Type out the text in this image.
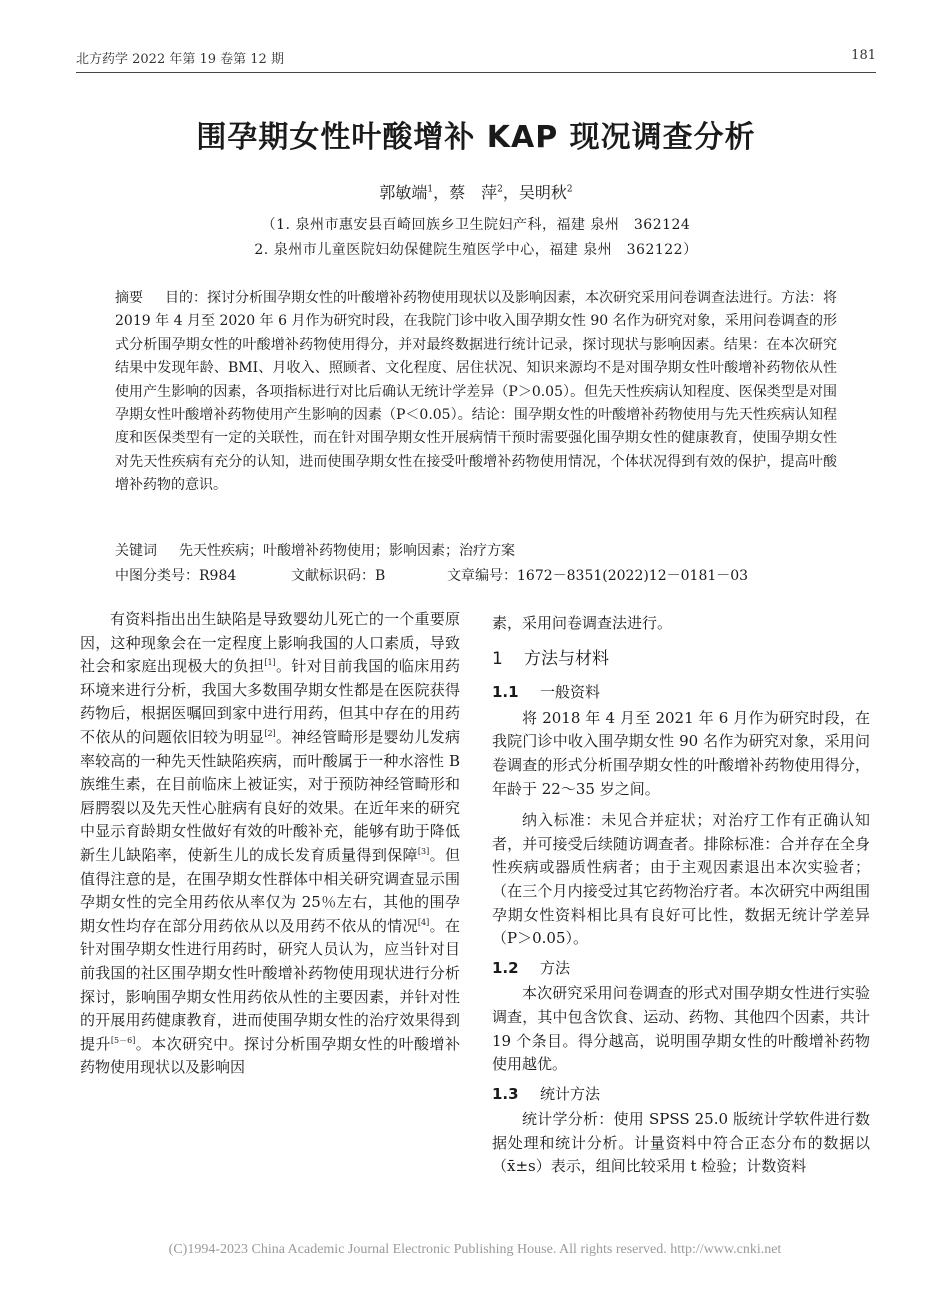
北方药学 2022 年第 19 卷第 12 期	181
围孕期女性叶酸增补 KAP 现况调查分析
郭敏端$^1$，蔡　萍$^2$，吴明秋$^2$
（1. 泉州市惠安县百崎回族乡卫生院妇产科，福建 泉州　362124
2. 泉州市儿童医院妇幼保健院生殖医学中心，福建 泉州　362122）
摘要 目的：探讨分析围孕期女性的叶酸增补药物使用现状以及影响因素，本次研究采用问卷调查法进行。方法：将 2019 年 4 月至 2020 年 6 月作为研究时段，在我院门诊中收入围孕期女性 90 名作为研究对象，采用问卷调查的形式分析围孕期女性的叶酸增补药物使用得分，并对最终数据进行统计记录，探讨现状与影响因素。结果：在本次研究结果中发现年龄、BMI、月收入、照顾者、文化程度、居住状况、知识来源均不是对围孕期女性叶酸增补药物依从性使用产生影响的因素，各项指标进行对比后确认无统计学差异（P＞0.05）。但先天性疾病认知程度、医保类型是对围孕期女性叶酸增补药物使用产生影响的因素（P＜0.05）。结论：围孕期女性的叶酸增补药物使用与先天性疾病认知程度和医保类型有一定的关联性，而在针对围孕期女性开展病情干预时需要强化围孕期女性的健康教育，使围孕期女性对先天性疾病有充分的认知，进而使围孕期女性在接受叶酸增补药物使用情况，个体状况得到有效的保护，提高叶酸增补药物的意识。
关键词 先天性疾病；叶酸增补药物使用；影响因素；治疗方案
中图分类号：R984	文献标识码：B	文章编号：1672－8351(2022)12－0181－03

有资料指出出生缺陷是导致婴幼儿死亡的一个重要原因，这种现象会在一定程度上影响我国的人口素质，导致社会和家庭出现极大的负担[1]。针对目前我国的临床用药环境来进行分析，我国大多数围孕期女性都是在医院获得药物后，根据医嘱回到家中进行用药，但其中存在的用药不依从的问题依旧较为明显[2]。神经管畸形是婴幼儿发病率较高的一种先天性缺陷疾病，而叶酸属于一种水溶性 B 族维生素，在目前临床上被证实，对于预防神经管畸形和唇腭裂以及先天性心脏病有良好的效果。在近年来的研究中显示育龄期女性做好有效的叶酸补充，能够有助于降低新生儿缺陷率，使新生儿的成长发育质量得到保障[3]。但值得注意的是，在围孕期女性群体中相关研究调查显示围孕期女性的完全用药依从率仅为 25％左右，其他的围孕期女性均存在部分用药依从以及用药不依从的情况[4]。在针对围孕期女性进行用药时，研究人员认为，应当针对目前我国的社区围孕期女性叶酸增补药物使用现状进行分析探讨，影响围孕期女性用药依从性的主要因素，并针对性的开展用药健康教育，进而使围孕期女性的治疗效果得到提升[5－6]。本次研究中。探讨分析围孕期女性的叶酸增补药物使用现状以及影响因

素，采用问卷调查法进行。

1 方法与材料
1.1 一般资料

将 2018 年 4 月至 2021 年 6 月作为研究时段，在我院门诊中收入围孕期女性 90 名作为研究对象，采用问卷调查的形式分析围孕期女性的叶酸增补药物使用得分，年龄于 22～35 岁之间。

纳入标准：未见合并症状；对治疗工作有正确认知者，并可接受后续随访调查者。排除标准：合并存在全身性疾病或器质性病者；由于主观因素退出本次实验者；（在三个月内接受过其它药物治疗者。本次研究中两组围孕期女性资料相比具有良好可比性，数据无统计学差异（P＞0.05）。

1.2 方法

本次研究采用问卷调查的形式对围孕期女性进行实验调查，其中包含饮食、运动、药物、其他四个因素，共计 19 个条目。得分越高，说明围孕期女性的叶酸增补药物使用越优。

1.3 统计方法

统计学分析：使用 SPSS 25.0 版统计学软件进行数据处理和统计分析。计量资料中符合正态分布的数据以（x̄±s）表示，组间比较采用 t 检验；计数资料

(C)1994-2023 China Academic Journal Electronic Publishing House. All rights reserved. http://www.cnki.net
